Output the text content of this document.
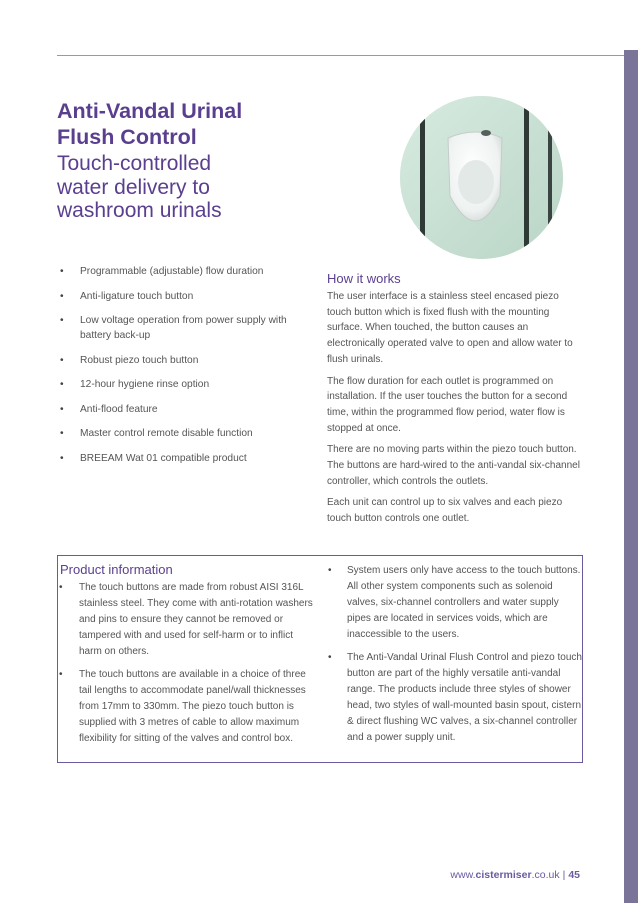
Anti-Vandal Urinal
Flush Control
Touch-controlled
water delivery to
washroom urinals
• Programmable (adjustable) flow duration
• Anti-ligature touch button
• Low voltage operation from power supply with battery back-up
• Robust piezo touch button
• 12-hour hygiene rinse option
• Anti-flood feature
• Master control remote disable function
• BREEAM Wat 01 compatible product
How it works

The user interface is a stainless steel encased piezo touch button which is fixed flush with the mounting surface. When touched, the button causes an electronically operated valve to open and allow water to flush urinals.

The flow duration for each outlet is programmed on installation. If the user touches the button for a second time, within the programmed flow period, water flow is stopped at once.

There are no moving parts within the piezo touch button. The buttons are hard-wired to the anti-vandal six-channel controller, which controls the outlets.

Each unit can control up to six valves and each piezo touch button controls one outlet.

Product information
• The touch buttons are made from robust AISI 316L stainless steel. They come with anti-rotation washers and pins to ensure they cannot be removed or tampered with and used for self-harm or to inflict harm on others.
• The touch buttons are available in a choice of three tail lengths to accommodate panel/wall thicknesses from 17mm to 330mm. The piezo touch button is supplied with 3 metres of cable to allow maximum flexibility for sitting of the valves and control box.
• System users only have access to the touch buttons. All other system components such as solenoid valves, six-channel controllers and water supply pipes are located in services voids, which are inaccessible to the users.
• The Anti-Vandal Urinal Flush Control and piezo touch button are part of the highly versatile anti-vandal range. The products include three styles of shower head, two styles of wall-mounted basin spout, cistern & direct flushing WC valves, a six-channel controller and a power supply unit.
www.cistermiser.co.uk | 45
